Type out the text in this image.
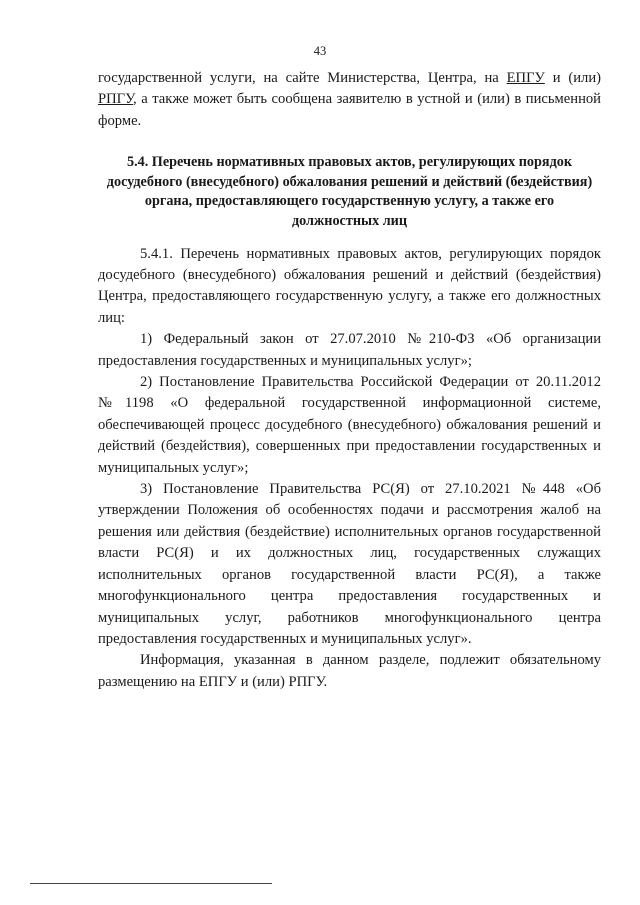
43

государственной услуги, на сайте Министерства, Центра, на ЕПГУ и (или) РПГУ, а также может быть сообщена заявителю в устной и (или) в письменной форме.

5.4. Перечень нормативных правовых актов, регулирующих порядок досудебного (внесудебного) обжалования решений и действий (бездействия) органа, предоставляющего государственную услугу, а также его должностных лиц

5.4.1. Перечень нормативных правовых актов, регулирующих порядок досудебного (внесудебного) обжалования решений и действий (бездействия) Центра, предоставляющего государственную услугу, а также его должностных лиц:

1) Федеральный закон от 27.07.2010 №210-ФЗ «Об организации предоставления государственных и муниципальных услуг»;

2) Постановление Правительства Российской Федерации от 20.11.2012 №1198 «О федеральной государственной информационной системе, обеспечивающей процесс досудебного (внесудебного) обжалования решений и действий (бездействия), совершенных при предоставлении государственных и муниципальных услуг»;

3) Постановление Правительства РС(Я) от 27.10.2021 №448 «Об утверждении Положения об особенностях подачи и рассмотрения жалоб на решения или действия (бездействие) исполнительных органов государственной власти РС(Я) и их должностных лиц, государственных служащих исполнительных органов государственной власти РС(Я), а также многофункционального центра предоставления государственных и муниципальных услуг, работников многофункционального центра предоставления государственных и муниципальных услуг».

Информация, указанная в данном разделе, подлежит обязательному размещению на ЕПГУ и (или) РПГУ.
